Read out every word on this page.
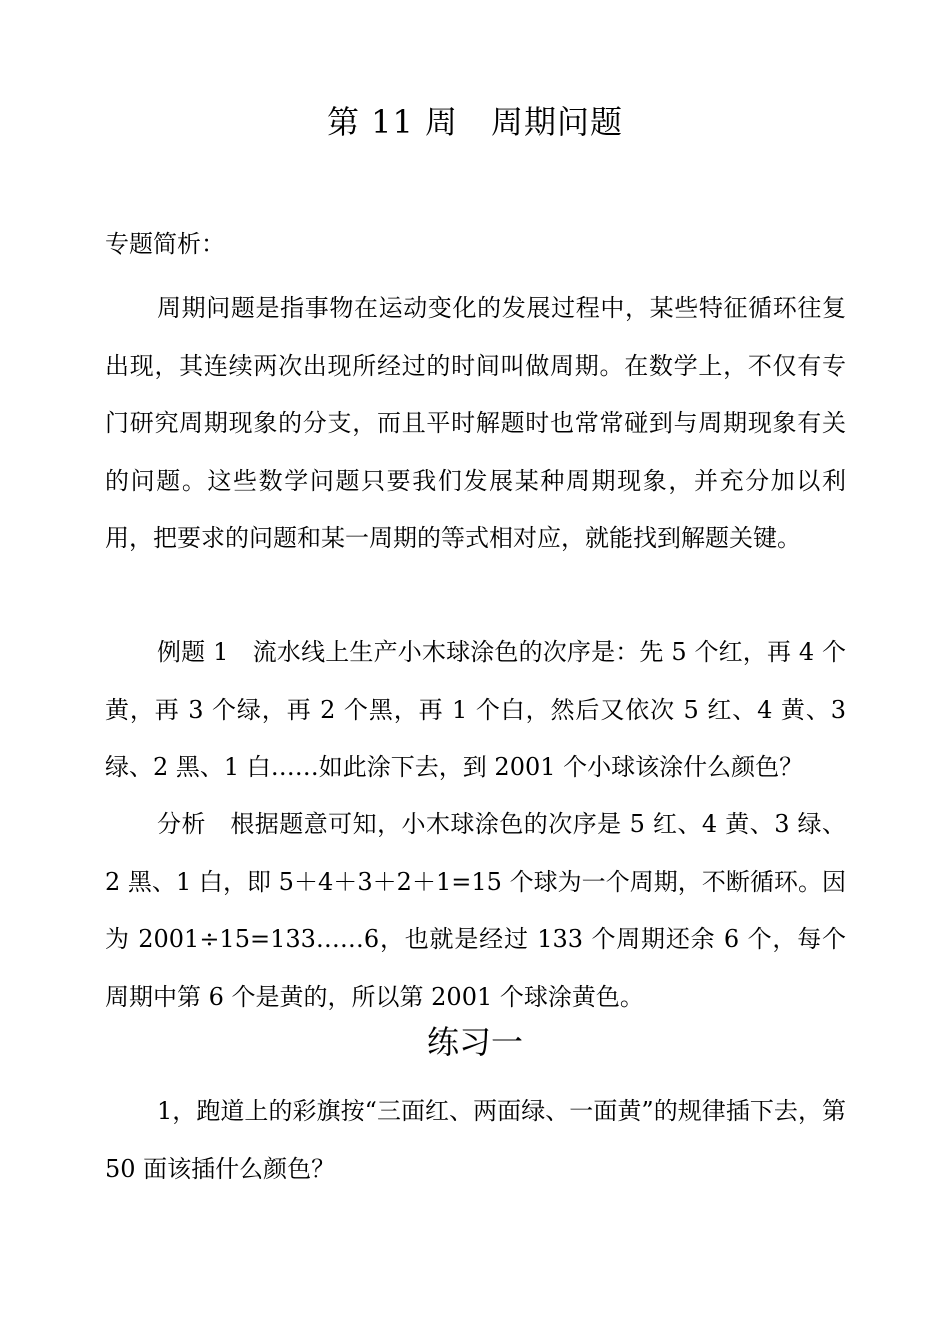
第 11 周　周期问题
专题简析：
周期问题是指事物在运动变化的发展过程中，某些特征循环往复出现，其连续两次出现所经过的时间叫做周期。在数学上，不仅有专门研究周期现象的分支，而且平时解题时也常常碰到与周期现象有关的问题。这些数学问题只要我们发展某种周期现象，并充分加以利用，把要求的问题和某一周期的等式相对应，就能找到解题关键。
例题 1　流水线上生产小木球涂色的次序是：先 5 个红，再 4 个黄，再 3 个绿，再 2 个黑，再 1 个白，然后又依次 5 红、4 黄、3 绿、2 黑、1 白……如此涂下去，到 2001 个小球该涂什么颜色？
分析　根据题意可知，小木球涂色的次序是 5 红、4 黄、3 绿、2 黑、1 白，即 5＋4＋3＋2＋1=15 个球为一个周期，不断循环。因为 2001÷15=133……6，也就是经过 133 个周期还余 6 个，每个周期中第 6 个是黄的，所以第 2001 个球涂黄色。
练习一
1，跑道上的彩旗按“三面红、两面绿、一面黄”的规律插下去，第 50 面该插什么颜色？
